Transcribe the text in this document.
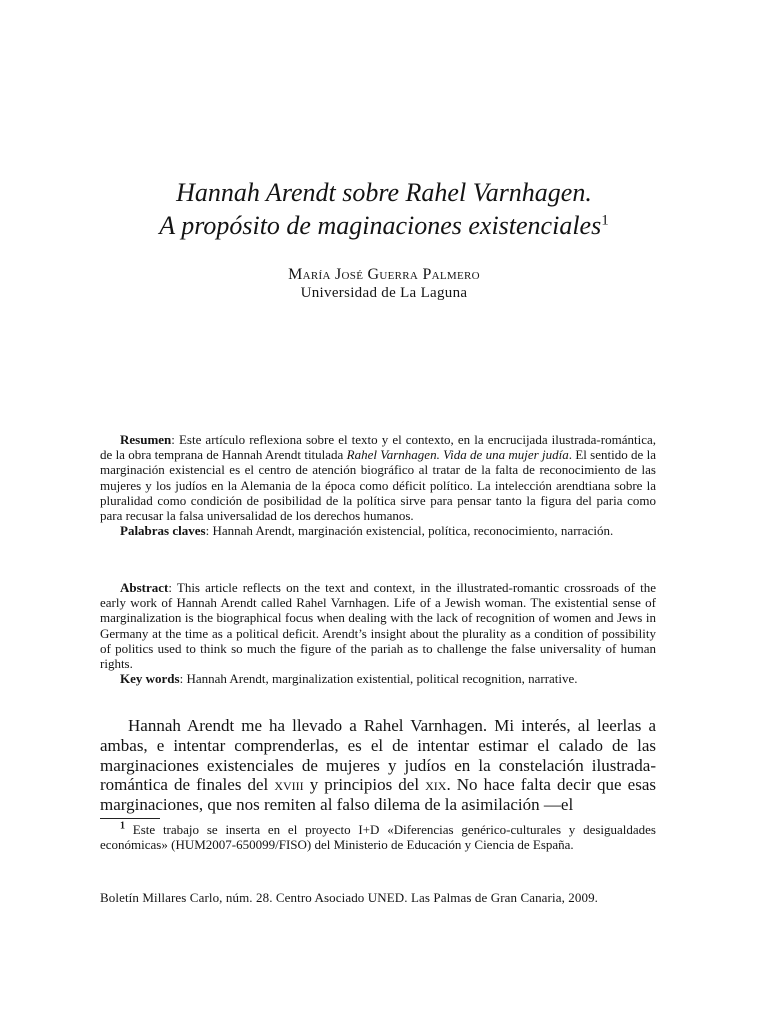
Hannah Arendt sobre Rahel Varnhagen.
A propósito de maginaciones existenciales$^1$
María José Guerra Palmero
Universidad de La Laguna

Resumen: Este artículo reflexiona sobre el texto y el contexto, en la encrucijada ilustrada-romántica, de la obra temprana de Hannah Arendt titulada Rahel Varnhagen. Vida de una mujer judía. El sentido de la marginación existencial es el centro de atención biográfico al tratar de la falta de reconocimiento de las mujeres y los judíos en la Alemania de la época como déficit político. La intelección arendtiana sobre la pluralidad como condición de posibilidad de la política sirve para pensar tanto la figura del paria como para recusar la falsa universalidad de los derechos humanos.

Palabras claves: Hannah Arendt, marginación existencial, política, reconocimiento, narración.

Abstract: This article reflects on the text and context, in the illustrated-romantic crossroads of the early work of Hannah Arendt called Rahel Varnhagen. Life of a Jewish woman. The existential sense of marginalization is the biographical focus when dealing with the lack of recognition of women and Jews in Germany at the time as a political deficit. Arendt’s insight about the plurality as a condition of possibility of politics used to think so much the figure of the pariah as to challenge the false universality of human rights.

Key words: Hannah Arendt, marginalization existential, political recognition, narrative.

Hannah Arendt me ha llevado a Rahel Varnhagen. Mi interés, al leerlas a ambas, e intentar comprenderlas, es el de intentar estimar el calado de las marginaciones existenciales de mujeres y judíos en la constelación ilustrada-romántica de finales del xviii y principios del xix. No hace falta decir que esas marginaciones, que nos remiten al falso dilema de la asimilación —el

$^1$ Este trabajo se inserta en el proyecto I+D «Diferencias genérico-culturales y desigualdades económicas» (HUM2007-650099/FISO) del Ministerio de Educación y Ciencia de España.

Boletín Millares Carlo, núm. 28. Centro Asociado UNED. Las Palmas de Gran Canaria, 2009.
